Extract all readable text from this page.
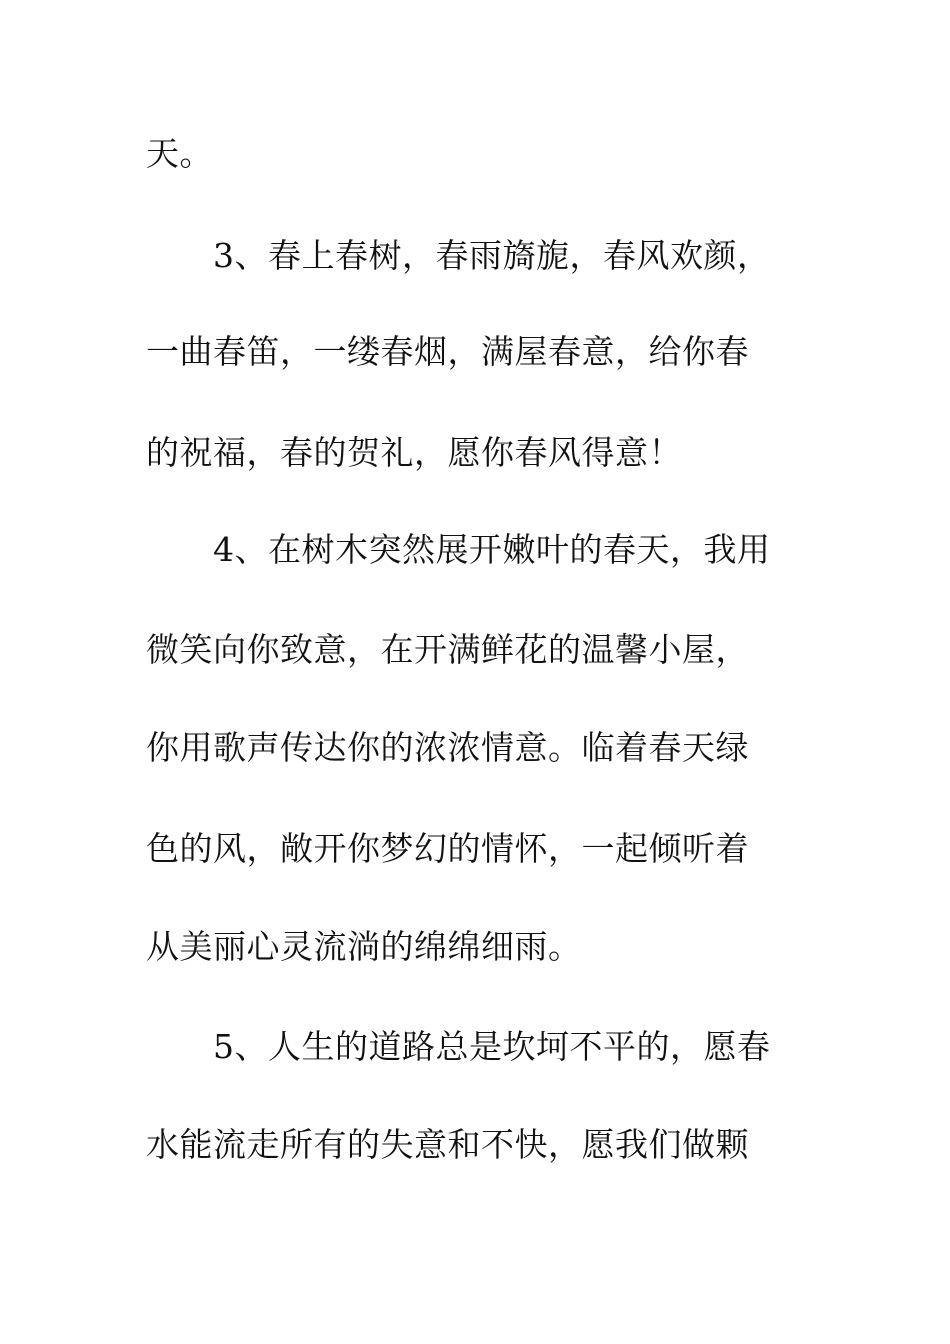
天。
3、春上春树，春雨旖旎，春风欢颜，
一曲春笛，一缕春烟，满屋春意，给你春
的祝福，春的贺礼，愿你春风得意！
4、在树木突然展开嫩叶的春天，我用
微笑向你致意，在开满鲜花的温馨小屋，
你用歌声传达你的浓浓情意。临着春天绿
色的风，敞开你梦幻的情怀，一起倾听着
从美丽心灵流淌的绵绵细雨。
5、人生的道路总是坎坷不平的，愿春
水能流走所有的失意和不快，愿我们做颗
